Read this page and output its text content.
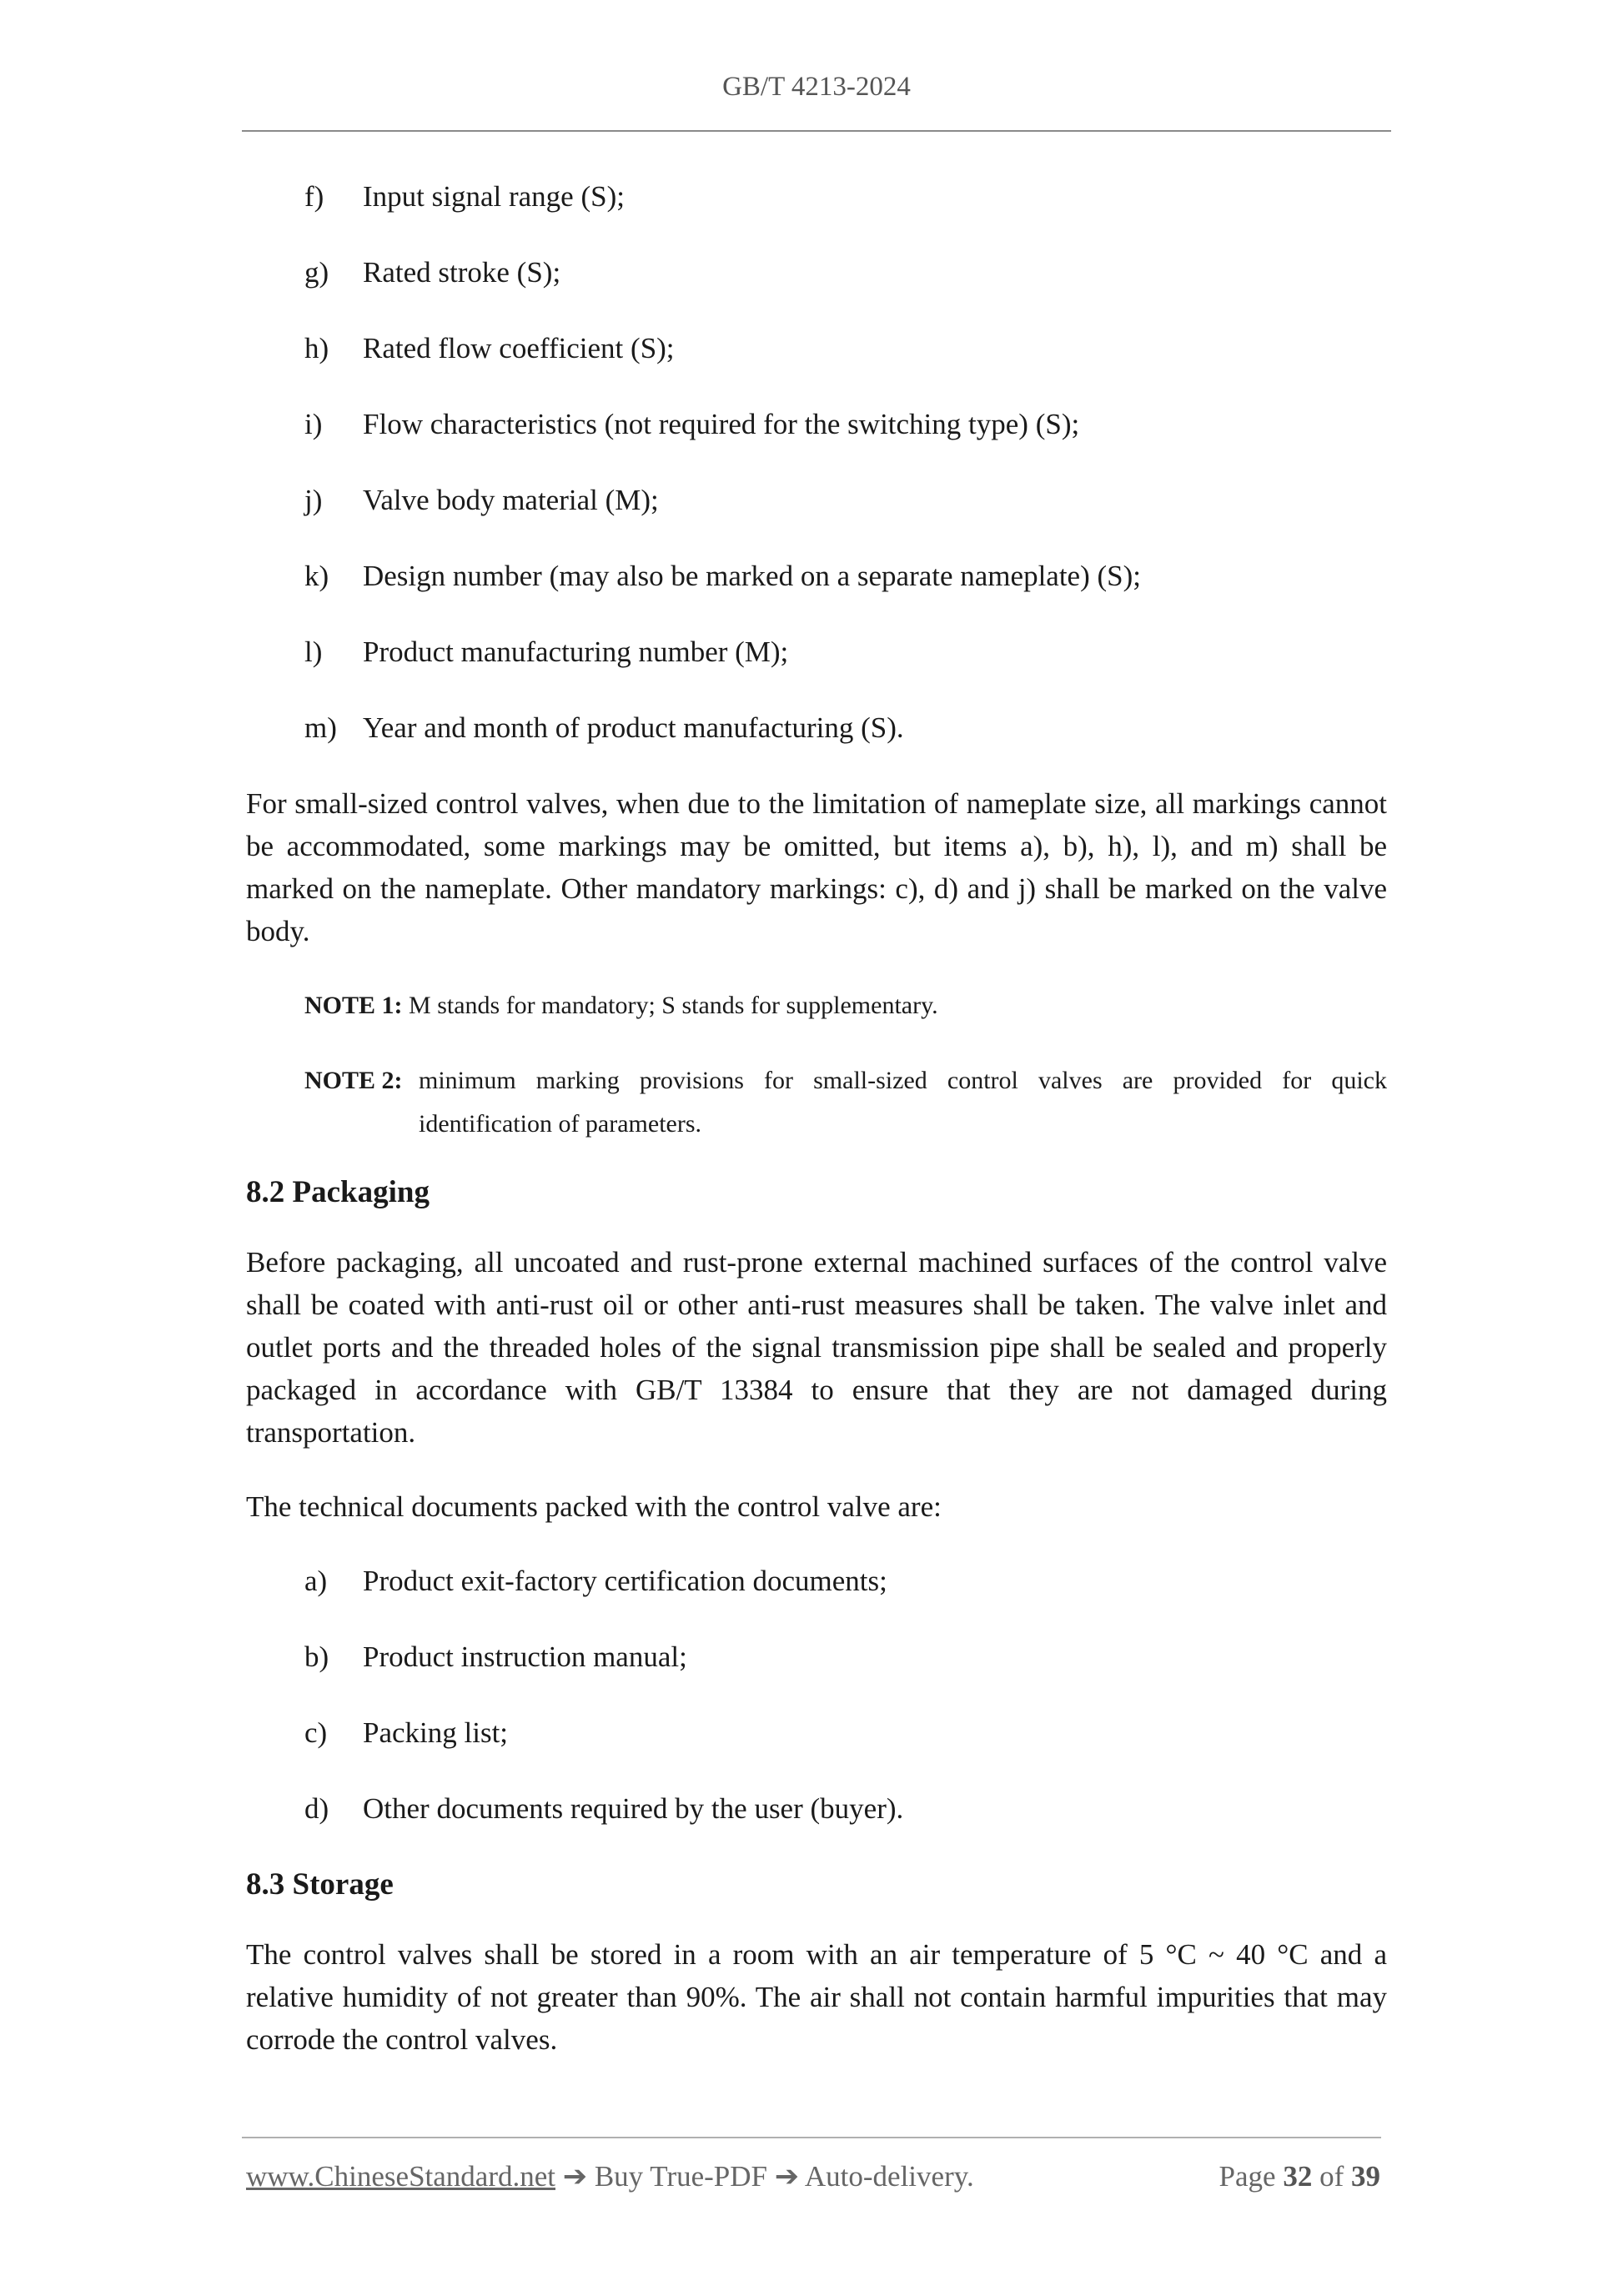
GB/T 4213-2024
f)	Input signal range (S);
g)	Rated stroke (S);
h)	Rated flow coefficient (S);
i)	Flow characteristics (not required for the switching type) (S);
j)	Valve body material (M);
k)	Design number (may also be marked on a separate nameplate) (S);
l)	Product manufacturing number (M);
m) Year and month of product manufacturing (S).

For small-sized control valves, when due to the limitation of nameplate size, all markings cannot be accommodated, some markings may be omitted, but items a), b), h), l), and m) shall be marked on the nameplate. Other mandatory markings: c), d) and j) shall be marked on the valve body.

NOTE 1: M stands for mandatory; S stands for supplementary.
NOTE 2: minimum marking provisions for small-sized control valves are provided for quick identification of parameters.
8.2 Packaging

Before packaging, all uncoated and rust-prone external machined surfaces of the control valve shall be coated with anti-rust oil or other anti-rust measures shall be taken. The valve inlet and outlet ports and the threaded holes of the signal transmission pipe shall be sealed and properly packaged in accordance with GB/T 13384 to ensure that they are not damaged during transportation.

The technical documents packed with the control valve are:

a)	Product exit-factory certification documents;
b)	Product instruction manual;
c)	Packing list;
d)	Other documents required by the user (buyer).
8.3 Storage

The control valves shall be stored in a room with an air temperature of 5 °C ~ 40 °C and a relative humidity of not greater than 90%. The air shall not contain harmful impurities that may corrode the control valves.

www.ChineseStandard.net ➔ Buy True-PDF ➔ Auto-delivery.	Page 32 of 39
